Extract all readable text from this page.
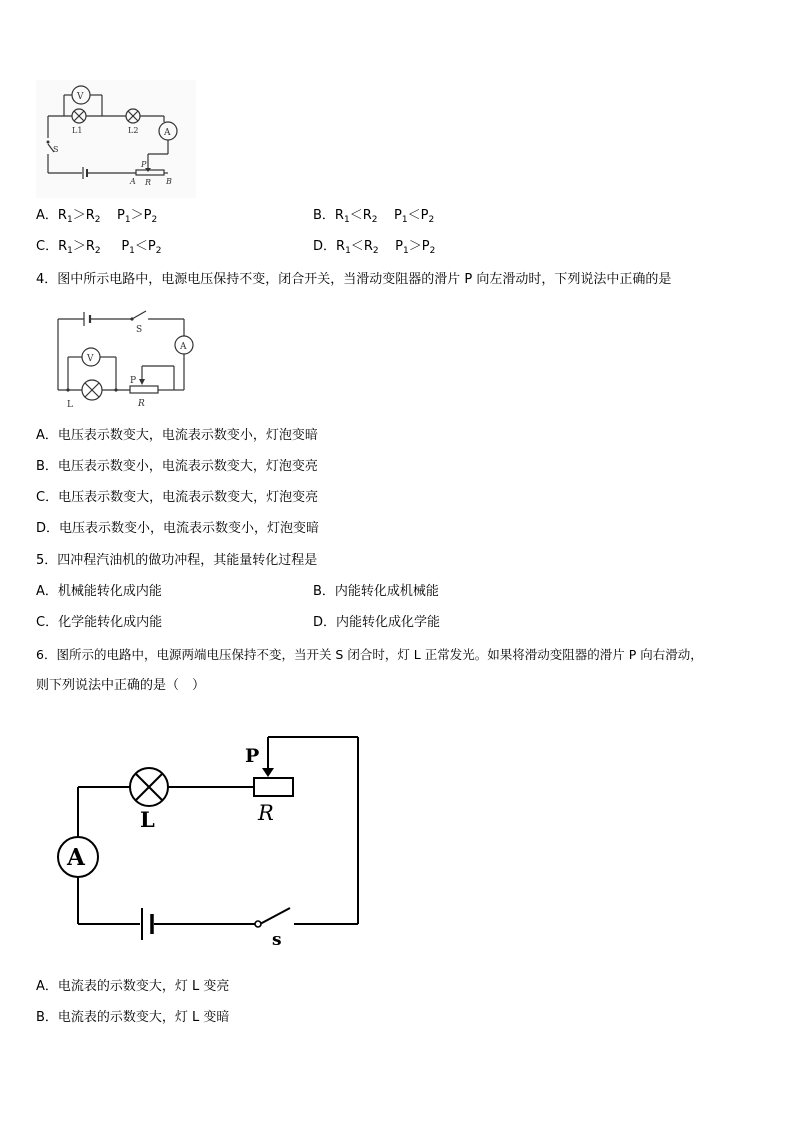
V
A
L1	L2
S
P
A R B
A．$R_1>R_2$ $P_1>P_2$	B．$R_1<R_2$ $P_1<P_2$
C．$R_1>R_2$ $P_1<P_2$	D．$R_1<R_2$ $P_1>P_2$
4．图中所示电路中，电源电压保持不变，闭合开关，当滑动变阻器的滑片 P 向左滑动时，下列说法中正确的是
S
A
V
P
L	R
A．电压表示数变大，电流表示数变小，灯泡变暗
B．电压表示数变小，电流表示数变大，灯泡变亮
C．电压表示数变大，电流表示数变大，灯泡变亮
D．电压表示数变小，电流表示数变小，灯泡变暗
5．四冲程汽油机的做功冲程，其能量转化过程是
A．机械能转化成内能	B．内能转化成机械能
C．化学能转化成内能	D．内能转化成化学能
6．图所示的电路中，电源两端电压保持不变，当开关 S 闭合时，灯 L 正常发光。如果将滑动变阻器的滑片 P 向右滑动，
则下列说法中正确的是（　）
P
R
L
A
s
A．电流表的示数变大，灯 L 变亮
B．电流表的示数变大，灯 L 变暗
